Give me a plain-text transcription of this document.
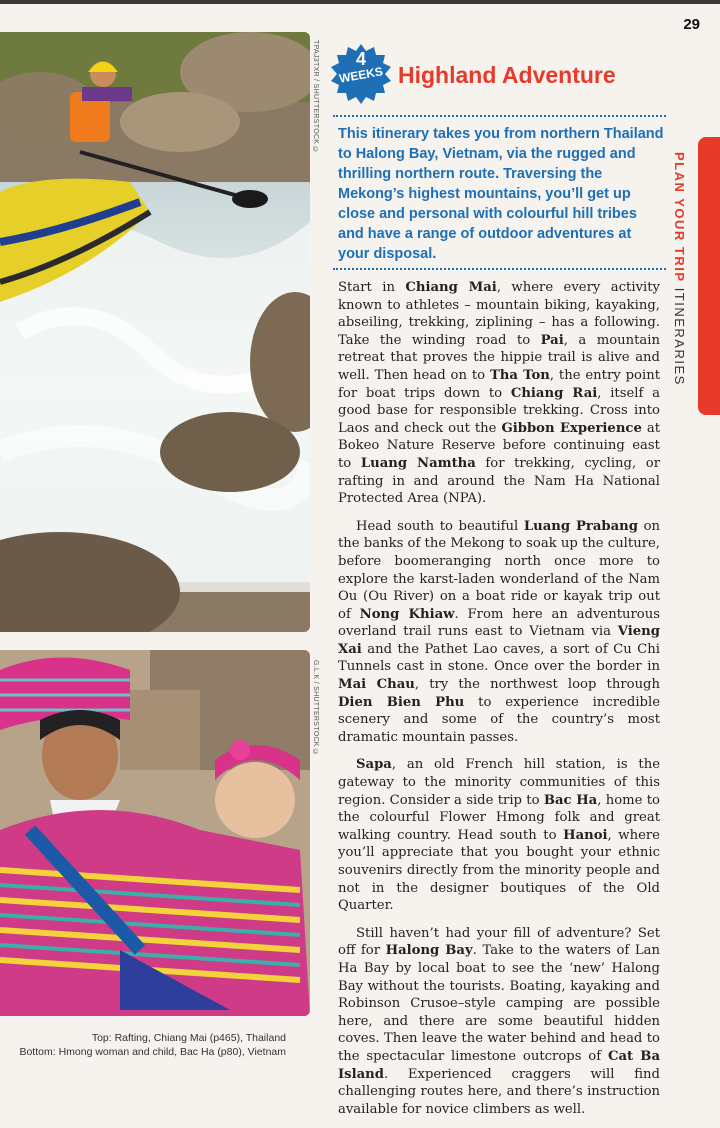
29
TPAJ3TXR / SHUTTERSTOCK ©
G.L.K / SHUTTERSTOCK ©
Top: Rafting, Chiang Mai (p465), Thailand
Bottom: Hmong woman and child, Bac Ha (p80), Vietnam
4
WEEKS Highland Adventure
This itinerary takes you from northern Thailand to Halong Bay, Vietnam, via the rugged and thrilling northern route. Traversing the Mekong’s highest mountains, you’ll get up close and personal with colourful hill tribes and have a range of outdoor adventures at your disposal.

Start in Chiang Mai, where every activity known to athletes – mountain biking, kayaking, abseiling, trekking, ziplining – has a following. Take the winding road to Pai, a mountain retreat that proves the hippie trail is alive and well. Then head on to Tha Ton, the entry point for boat trips down to Chiang Rai, itself a good base for responsible trekking. Cross into Laos and check out the Gibbon Experience at Bokeo Nature Reserve before continuing east to Luang Namtha for trekking, cycling, or rafting in and around the Nam Ha National Protected Area (NPA).

Head south to beautiful Luang Prabang on the banks of the Mekong to soak up the culture, before boomeranging north once more to explore the karst-laden wonderland of the Nam Ou (Ou River) on a boat ride or kayak trip out of Nong Khiaw. From here an adventurous overland trail runs east to Vietnam via Vieng Xai and the Pathet Lao caves, a sort of Cu Chi Tunnels cast in stone. Once over the border in Mai Chau, try the northwest loop through Dien Bien Phu to experience incredible scenery and some of the country’s most dramatic mountain passes.

Sapa, an old French hill station, is the gateway to the minority communities of this region. Consider a side trip to Bac Ha, home to the colourful Flower Hmong folk and great walking country. Head south to Hanoi, where you’ll appreciate that you bought your ethnic souvenirs directly from the minority people and not in the designer boutiques of the Old Quarter.

Still haven’t had your fill of adventure? Set off for Halong Bay. Take to the waters of Lan Ha Bay by local boat to see the ‘new’ Halong Bay without the tourists. Boating, kayaking and Robinson Crusoe–style camping are possible here, and there are some beautiful hidden coves. Then leave the water behind and head to the spectacular limestone outcrops of Cat Ba Island. Experienced craggers will find challenging routes here, and there’s instruction available for novice climbers as well.

PLAN YOUR TRIP ITINERARIES
